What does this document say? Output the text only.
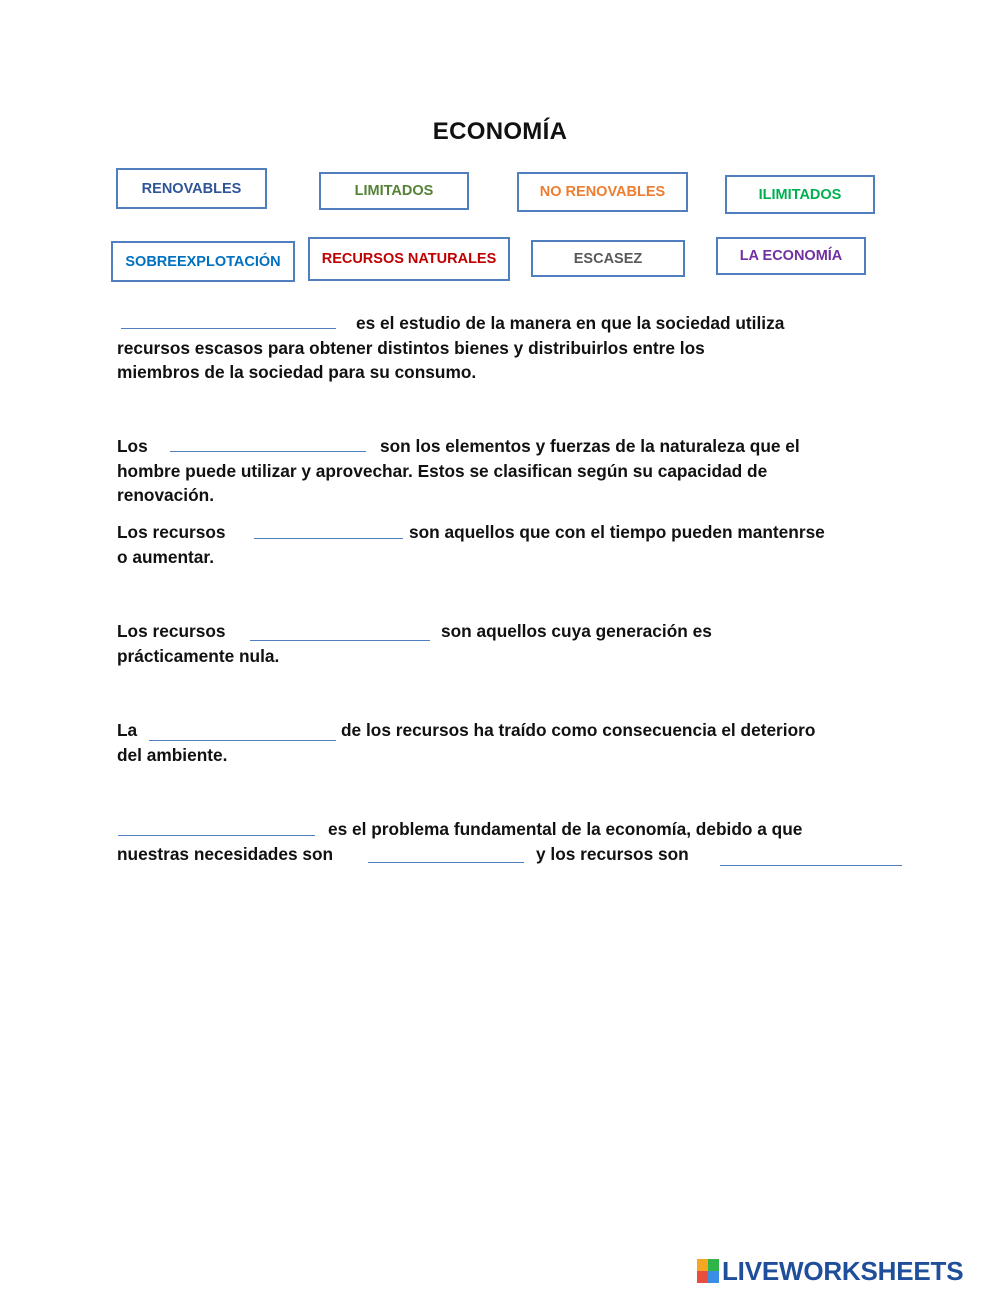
ECONOMÍA
RENOVABLES	LIMITADOS	NO RENOVABLES	ILIMITADOS
SOBREEXPLOTACIÓN	RECURSOS NATURALES	ESCASEZ	LA ECONOMÍA
es el estudio de la manera en que la sociedad utiliza
recursos escasos para obtener distintos bienes y distribuirlos entre los
miembros de la sociedad para su consumo.
Los	son los elementos y fuerzas de la naturaleza que el
hombre puede utilizar y aprovechar. Estos se clasifican según su capacidad de
renovación.
Los recursos	son aquellos que con el tiempo pueden mantenrse
o aumentar.
Los recursos	son aquellos cuya generación es
prácticamente nula.
La	de los recursos ha traído como consecuencia el deterioro
del ambiente.
es el problema fundamental de la economía, debido a que
nuestras necesidades son	y los recursos son
LIVEWORKSHEETS
